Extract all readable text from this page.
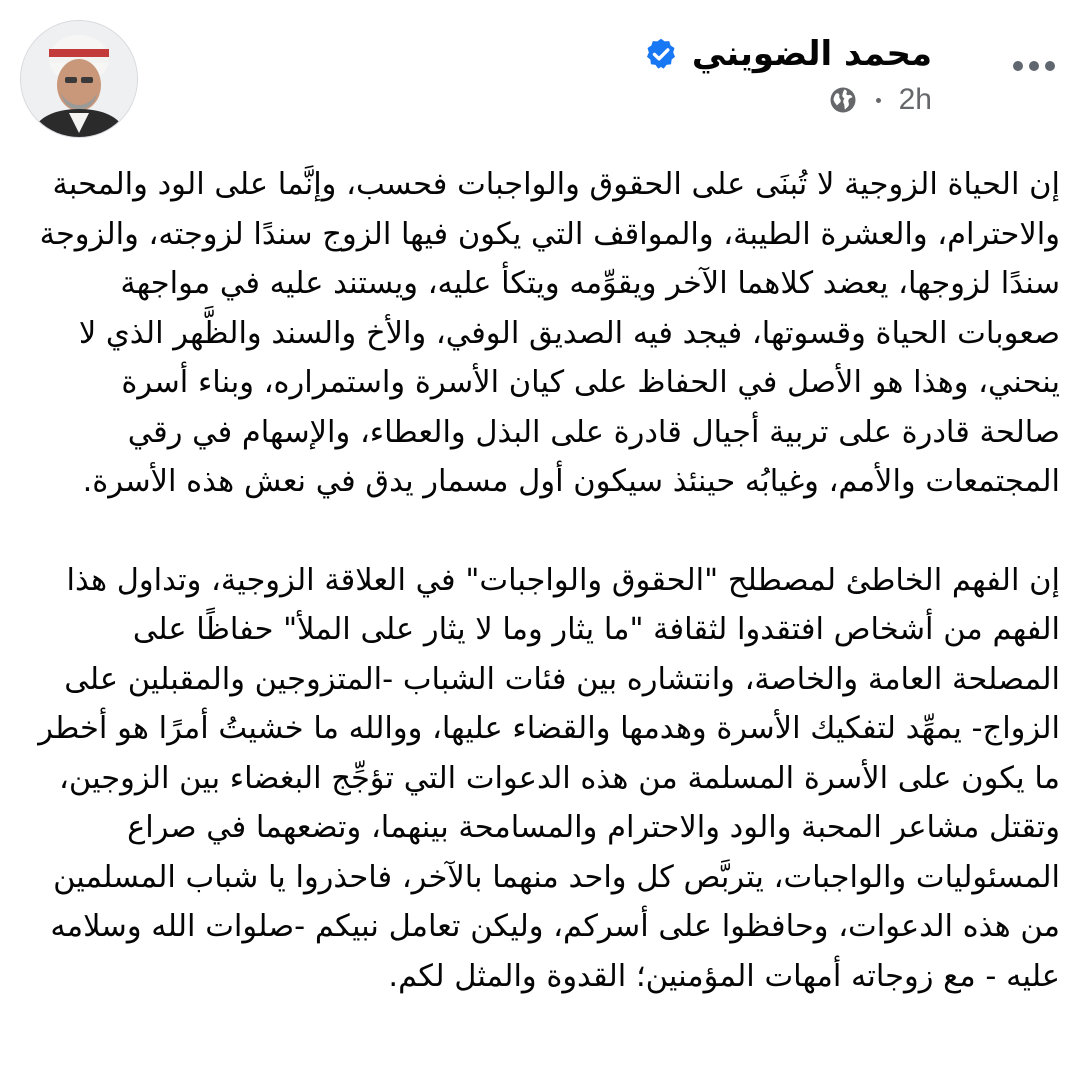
محمد الضويني
2h

إن الحياة الزوجية لا تُبنَى على الحقوق والواجبات فحسب، وإنَّما على الود والمحبة والاحترام، والعشرة الطيبة، والمواقف التي يكون فيها الزوج سندًا لزوجته، والزوجة سندًا لزوجها، يعضد كلاهما الآخر ويقوِّمه ويتكأ عليه، ويستند عليه في مواجهة صعوبات الحياة وقسوتها، فيجد فيه الصديق الوفي، والأخ والسند والظَّهر الذي لا ينحني، وهذا هو الأصل في الحفاظ على كيان الأسرة واستمراره، وبناء أسرة صالحة قادرة على تربية أجيال قادرة على البذل والعطاء، والإسهام في رقي المجتمعات والأمم، وغيابُه حينئذ سيكون أول مسمار يدق في نعش هذه الأسرة.

إن الفهم الخاطئ لمصطلح "الحقوق والواجبات" في العلاقة الزوجية، وتداول هذا الفهم من أشخاص افتقدوا لثقافة "ما يثار وما لا يثار على الملأ" حفاظًا على المصلحة العامة والخاصة، وانتشاره بين فئات الشباب -المتزوجين والمقبلين على الزواج- يمهِّد لتفكيك الأسرة وهدمها والقضاء عليها، ووالله ما خشيتُ أمرًا هو أخطر ما يكون على الأسرة المسلمة من هذه الدعوات التي تؤجِّج البغضاء بين الزوجين، وتقتل مشاعر المحبة والود والاحترام والمسامحة بينهما، وتضعهما في صراع المسئوليات والواجبات، يتربَّص كل واحد منهما بالآخر، فاحذروا يا شباب المسلمين من هذه الدعوات، وحافظوا على أسركم، وليكن تعامل نبيكم -صلوات الله وسلامه عليه - مع زوجاته أمهات المؤمنين؛ القدوة والمثل لكم.
